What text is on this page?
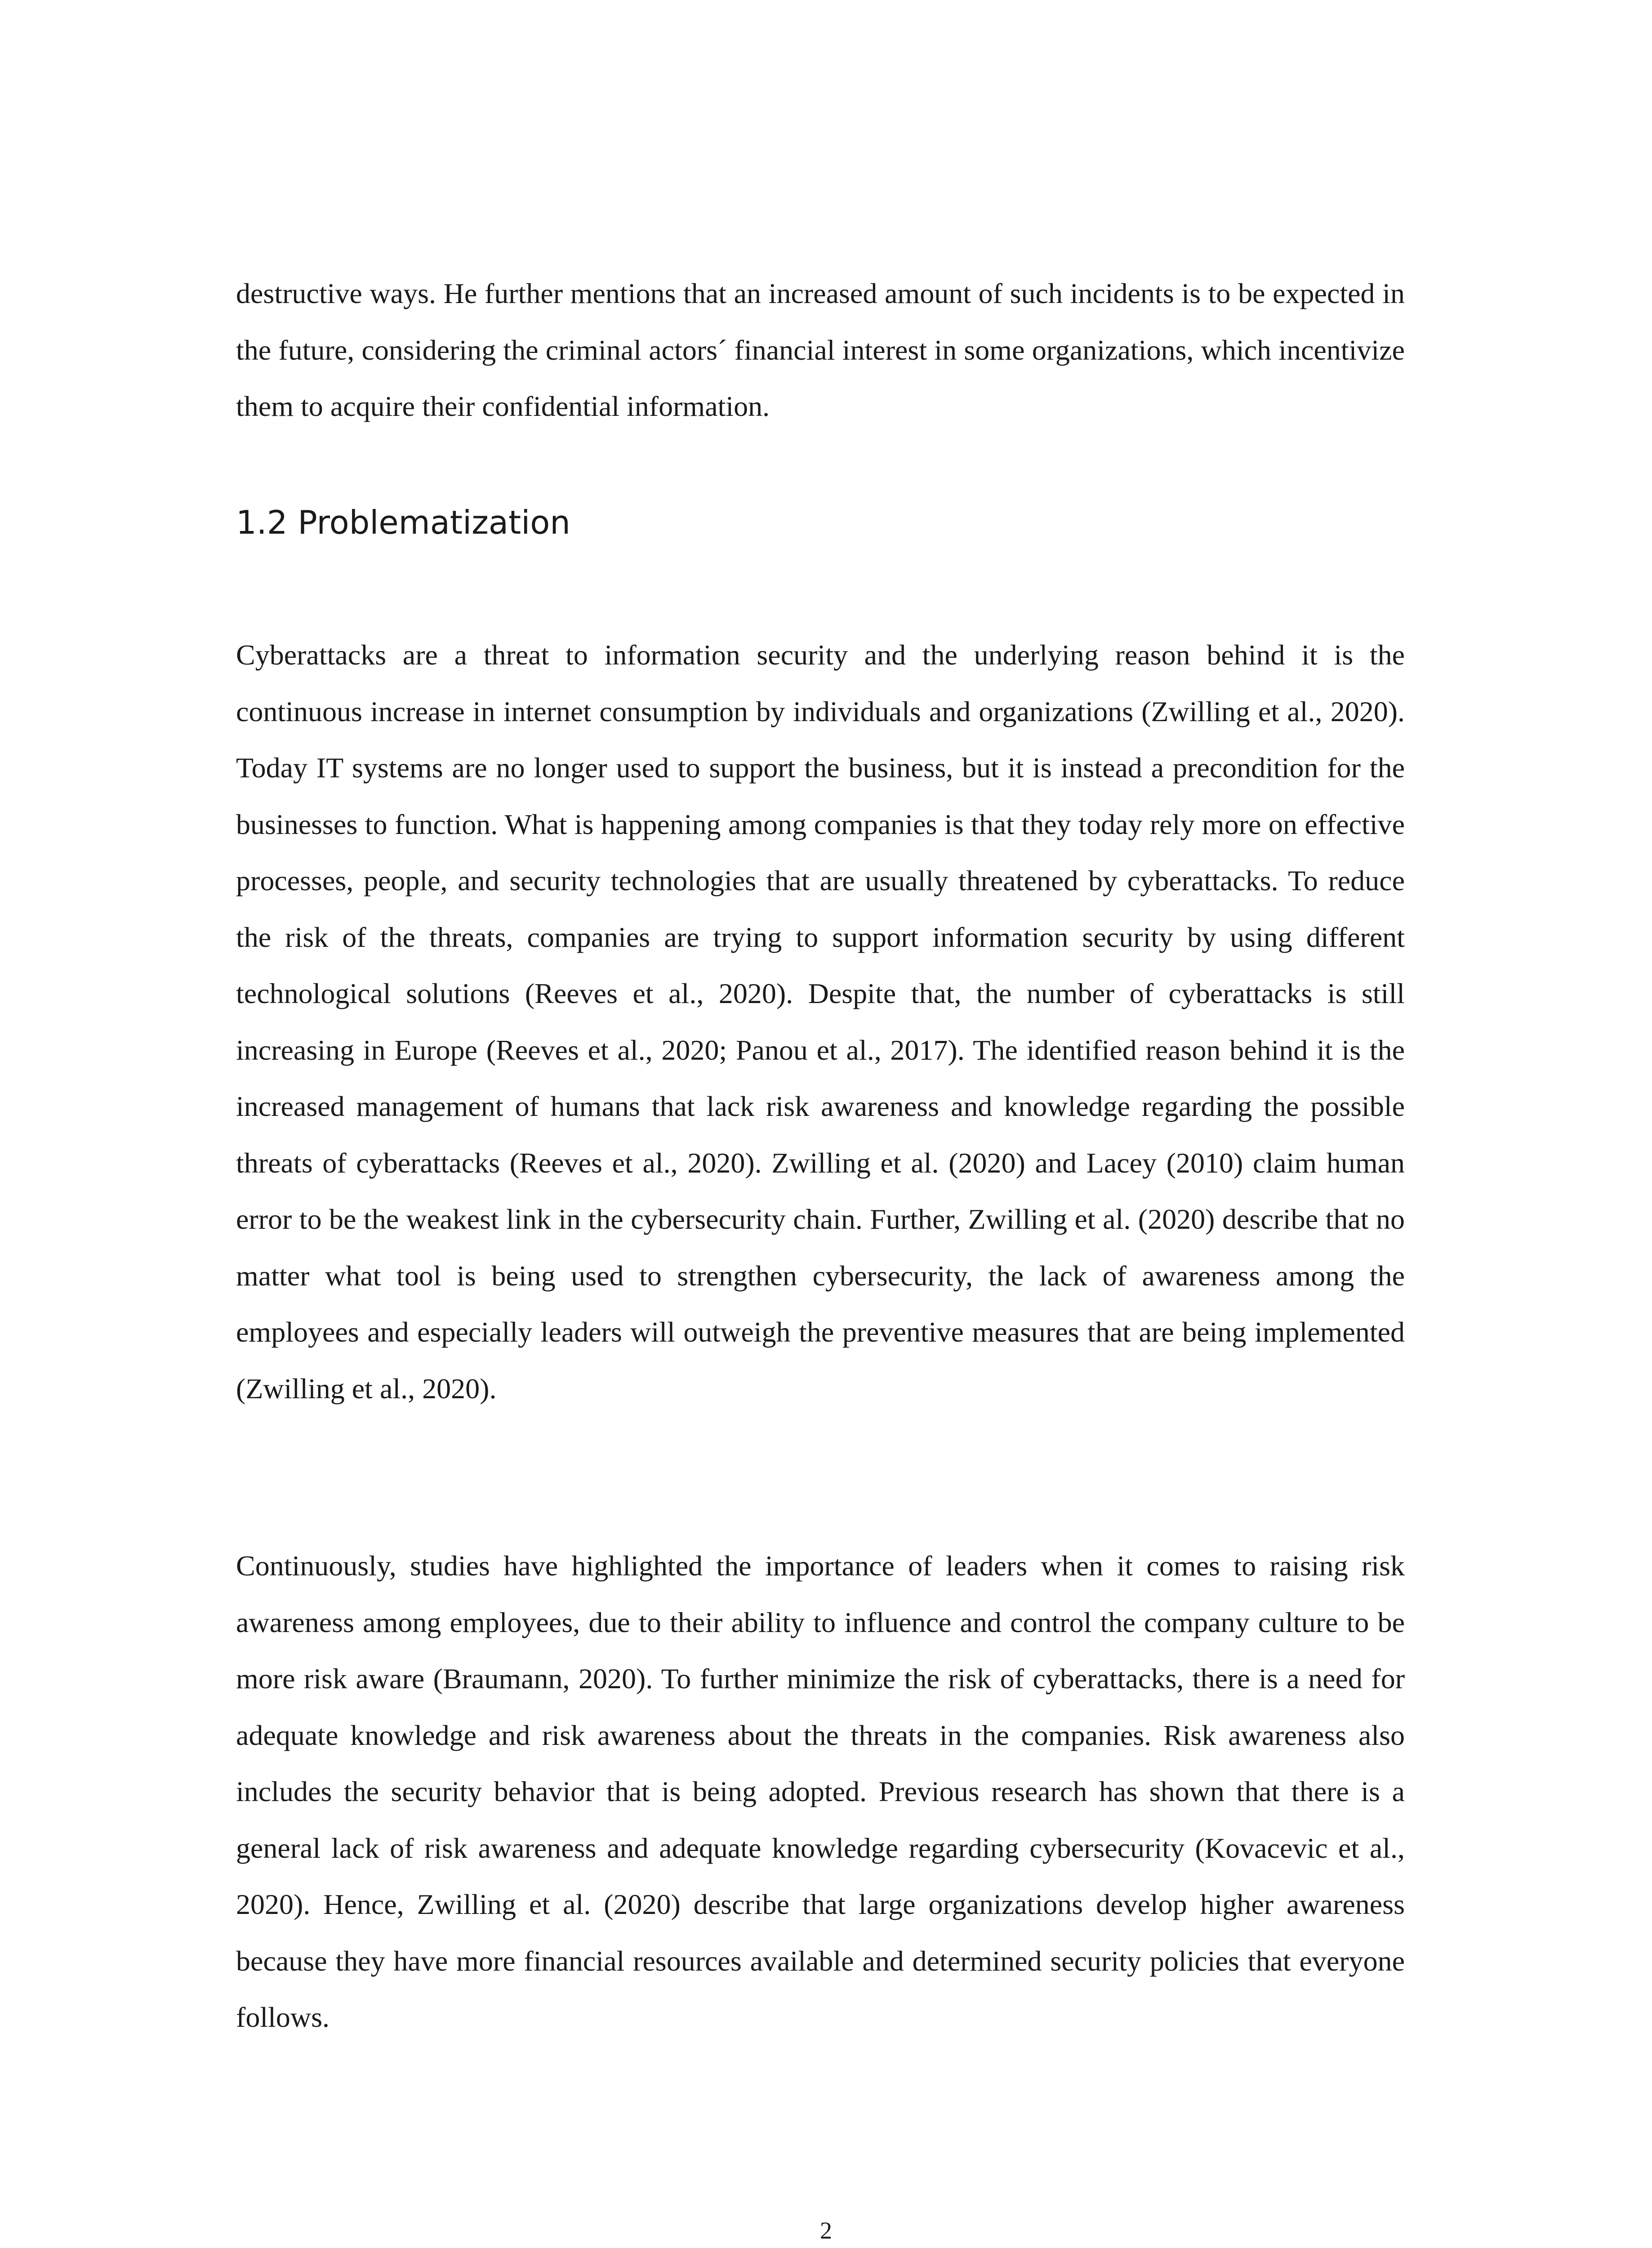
destructive ways. He further mentions that an increased amount of such incidents is to be expected in the future, considering the criminal actors´ financial interest in some organizations, which incentivize them to acquire their confidential information.

1.2 Problematization

Cyberattacks are a threat to information security and the underlying reason behind it is the continuous increase in internet consumption by individuals and organizations (Zwilling et al., 2020). Today IT systems are no longer used to support the business, but it is instead a precondition for the businesses to function. What is happening among companies is that they today rely more on effective processes, people, and security technologies that are usually threatened by cyberattacks. To reduce the risk of the threats, companies are trying to support information security by using different technological solutions (Reeves et al., 2020). Despite that, the number of cyberattacks is still increasing in Europe (Reeves et al., 2020; Panou et al., 2017). The identified reason behind it is the increased management of humans that lack risk awareness and knowledge regarding the possible threats of cyberattacks (Reeves et al., 2020). Zwilling et al. (2020) and Lacey (2010) claim human error to be the weakest link in the cybersecurity chain. Further, Zwilling et al. (2020) describe that no matter what tool is being used to strengthen cybersecurity, the lack of awareness among the employees and especially leaders will outweigh the preventive measures that are being implemented (Zwilling et al., 2020).

Continuously, studies have highlighted the importance of leaders when it comes to raising risk awareness among employees, due to their ability to influence and control the company culture to be more risk aware (Braumann, 2020). To further minimize the risk of cyberattacks, there is a need for adequate knowledge and risk awareness about the threats in the companies. Risk awareness also includes the security behavior that is being adopted. Previous research has shown that there is a general lack of risk awareness and adequate knowledge regarding cybersecurity (Kovacevic et al., 2020). Hence, Zwilling et al. (2020) describe that large organizations develop higher awareness because they have more financial resources available and determined security policies that everyone follows.

2
